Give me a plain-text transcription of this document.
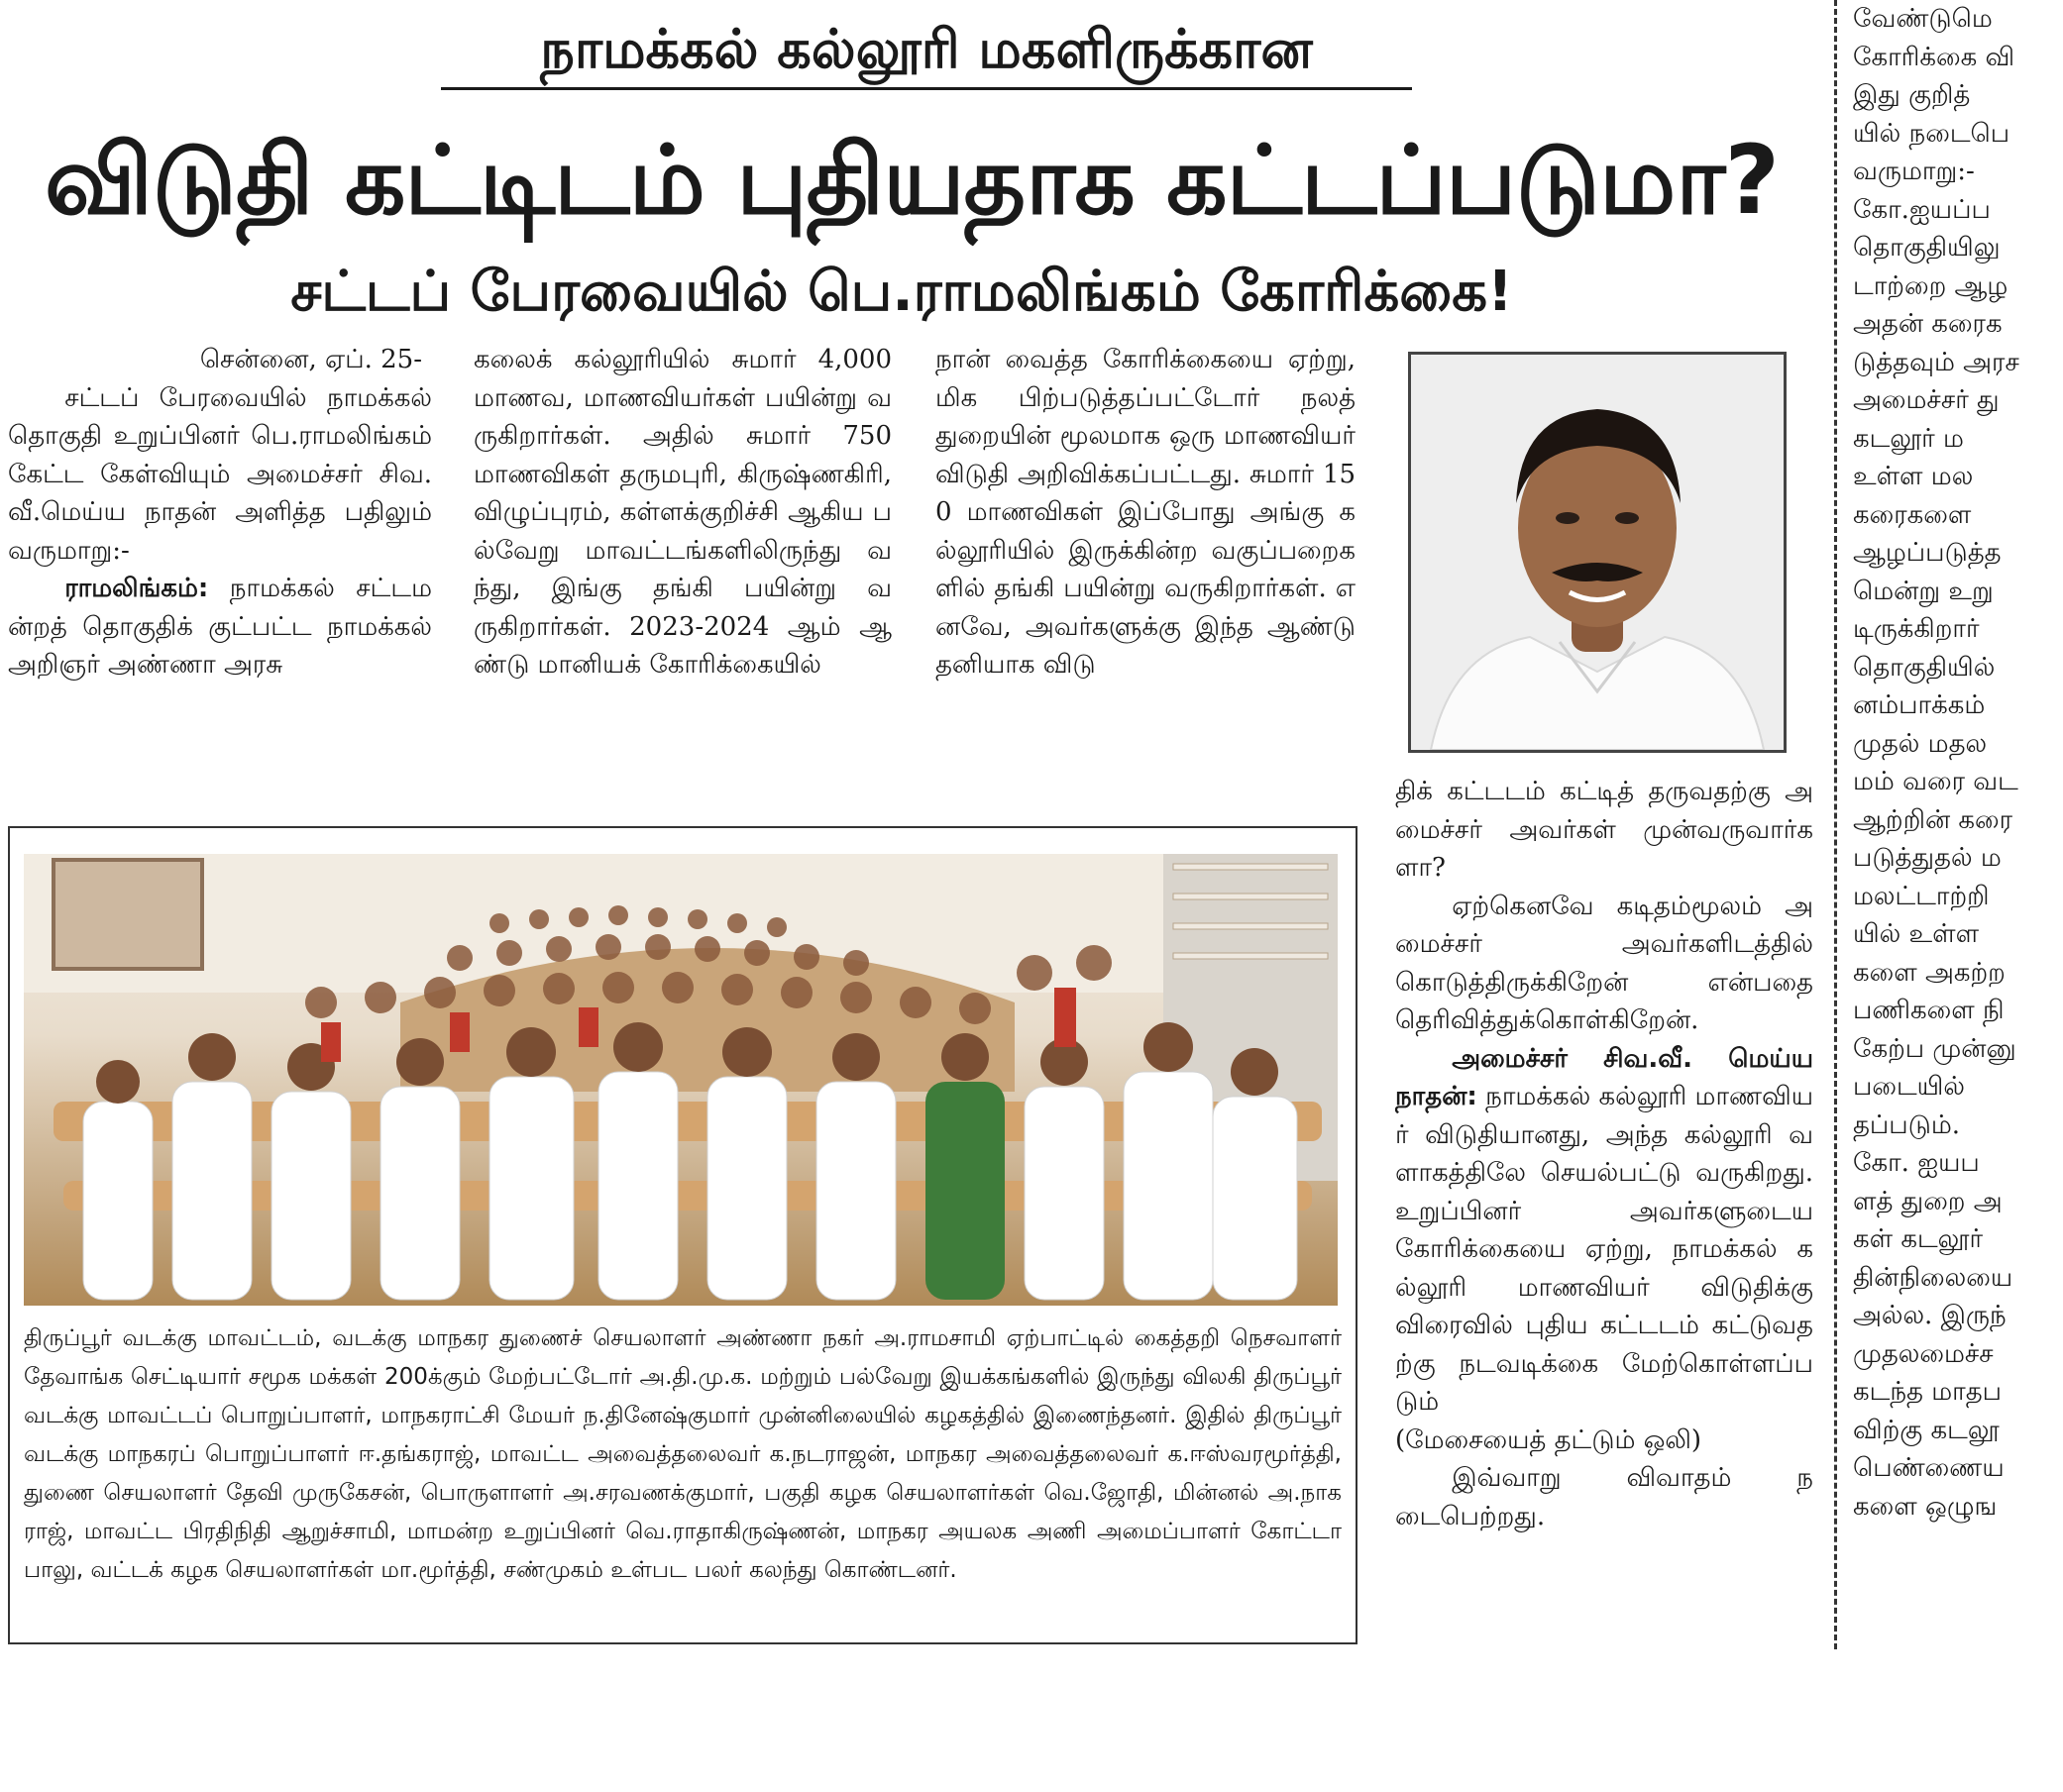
நாமக்கல் கல்லூரி மகளிருக்கான
விடுதி கட்டிடம் புதியதாக கட்டப்படுமா?
சட்டப் பேரவையில் பெ.ராமலிங்கம் கோரிக்கை!

சென்னை, ஏப். 25-

சட்டப் பேரவையில் நாமக்கல் தொகுதி உறுப்பினர் பெ.ராமலிங்கம் கேட்ட கேள்வியும் அமைச்சர் சிவ.வீ.மெய்ய நாதன் அளித்த பதிலும் வருமாறு:-

ராமலிங்கம்: நாமக்கல் சட்டமன்றத் தொகுதிக் குட்பட்ட நாமக்கல் அறிஞர் அண்ணா அரசு

கலைக் கல்லூரியில் சுமார் 4,000 மாணவ, மாணவியர்கள் பயின்று வருகிறார்கள். அதில் சுமார் 750 மாணவிகள் தருமபுரி, கிருஷ்ணகிரி, விழுப்புரம், கள்ளக்குறிச்சி ஆகிய பல்வேறு மாவட்டங்களிலிருந்து வந்து, இங்கு தங்கி பயின்று வருகிறார்கள். 2023-2024 ஆம் ஆண்டு மானியக் கோரிக்கையில்

நான் வைத்த கோரிக்கையை ஏற்று, மிக பிற்படுத்தப்பட்டோர் நலத் துறையின் மூலமாக ஒரு மாணவியர் விடுதி அறிவிக்கப்பட்டது. சுமார் 150 மாணவிகள் இப்போது அங்கு கல்லூரியில் இருக்கின்ற வகுப்பறைகளில் தங்கி பயின்று வருகிறார்கள். எனவே, அவர்களுக்கு இந்த ஆண்டு தனியாக விடு

திக் கட்டடம் கட்டித் தருவதற்கு அமைச்சர் அவர்கள் முன்வருவார்களா?

ஏற்கெனவே கடிதம்மூலம் அமைச்சர் அவர்களிடத்தில் கொடுத்திருக்கிறேன் என்பதை தெரிவித்துக்கொள்கிறேன்.

அமைச்சர் சிவ.வீ. மெய்ய நாதன்: நாமக்கல் கல்லூரி மாணவியர் விடுதியானது, அந்த கல்லூரி வளாகத்திலே செயல்பட்டு வருகிறது. உறுப்பினர் அவர்களுடைய கோரிக்கையை ஏற்று, நாமக்கல் கல்லூரி மாணவியர் விடுதிக்கு விரைவில் புதிய கட்டடம் கட்டுவதற்கு நடவடிக்கை மேற்கொள்ளப்படும்

(மேசையைத் தட்டும் ஒலி)

இவ்வாறு விவாதம் நடைபெற்றது.

வேண்டுமெ
கோரிக்கை வி
இது குறித்
யில் நடைபெ
வருமாறு:-
கோ.ஐயப்ப
தொகுதியிலு
டாற்றை ஆழ
அதன் கரைக
டுத்தவும் அரச
அமைச்சர் து
கடலூர் ம
உள்ள மல
கரைகளை
ஆழப்படுத்த
மென்று உறு
டிருக்கிறார்
தொகுதியில்
னம்பாக்கம்
முதல் மதல
மம் வரை வட
ஆற்றின் கரை
படுத்துதல் ம
மலட்டாற்றி
யில் உள்ள
களை அகற்ற
பணிகளை நி
கேற்ப முன்னு
படையில்
தப்படும்.
கோ. ஐயப
ளத் துறை அ
கள் கடலூர்
தின்நிலையை
அல்ல. இருந்
முதலமைச்ச
கடந்த மாதப
விற்கு கடலூ
பெண்ணைய
களை ஒழுங
திருப்பூர் வடக்கு மாவட்டம், வடக்கு மாநகர துணைச் செயலாளர் அண்ணா நகர் அ.ராமசாமி ஏற்பாட்டில் கைத்தறி நெசவாளர் தேவாங்க செட்டியார் சமூக மக்கள் 200க்கும் மேற்பட்டோர் அ.தி.மு.க. மற்றும் பல்வேறு இயக்கங்களில் இருந்து விலகி திருப்பூர் வடக்கு மாவட்டப் பொறுப்பாளர், மாநகராட்சி மேயர் ந.தினேஷ்குமார் முன்னிலையில் கழகத்தில் இணைந்தனர். இதில் திருப்பூர் வடக்கு மாநகரப் பொறுப்பாளர் ஈ.தங்கராஜ், மாவட்ட அவைத்தலைவர் க.நடராஜன், மாநகர அவைத்தலைவர் க.ஈஸ்வரமூர்த்தி, துணை செயலாளர் தேவி முருகேசன், பொருளாளர் அ.சரவணக்குமார், பகுதி கழக செயலாளர்கள் வெ.ஜோதி, மின்னல் அ.நாகராஜ், மாவட்ட பிரதிநிதி ஆறுச்சாமி, மாமன்ற உறுப்பினர் வெ.ராதாகிருஷ்ணன், மாநகர அயலக அணி அமைப்பாளர் கோட்டா பாலு, வட்டக் கழக செயலாளர்கள் மா.மூர்த்தி, சண்முகம் உள்பட பலர் கலந்து கொண்டனர்.
